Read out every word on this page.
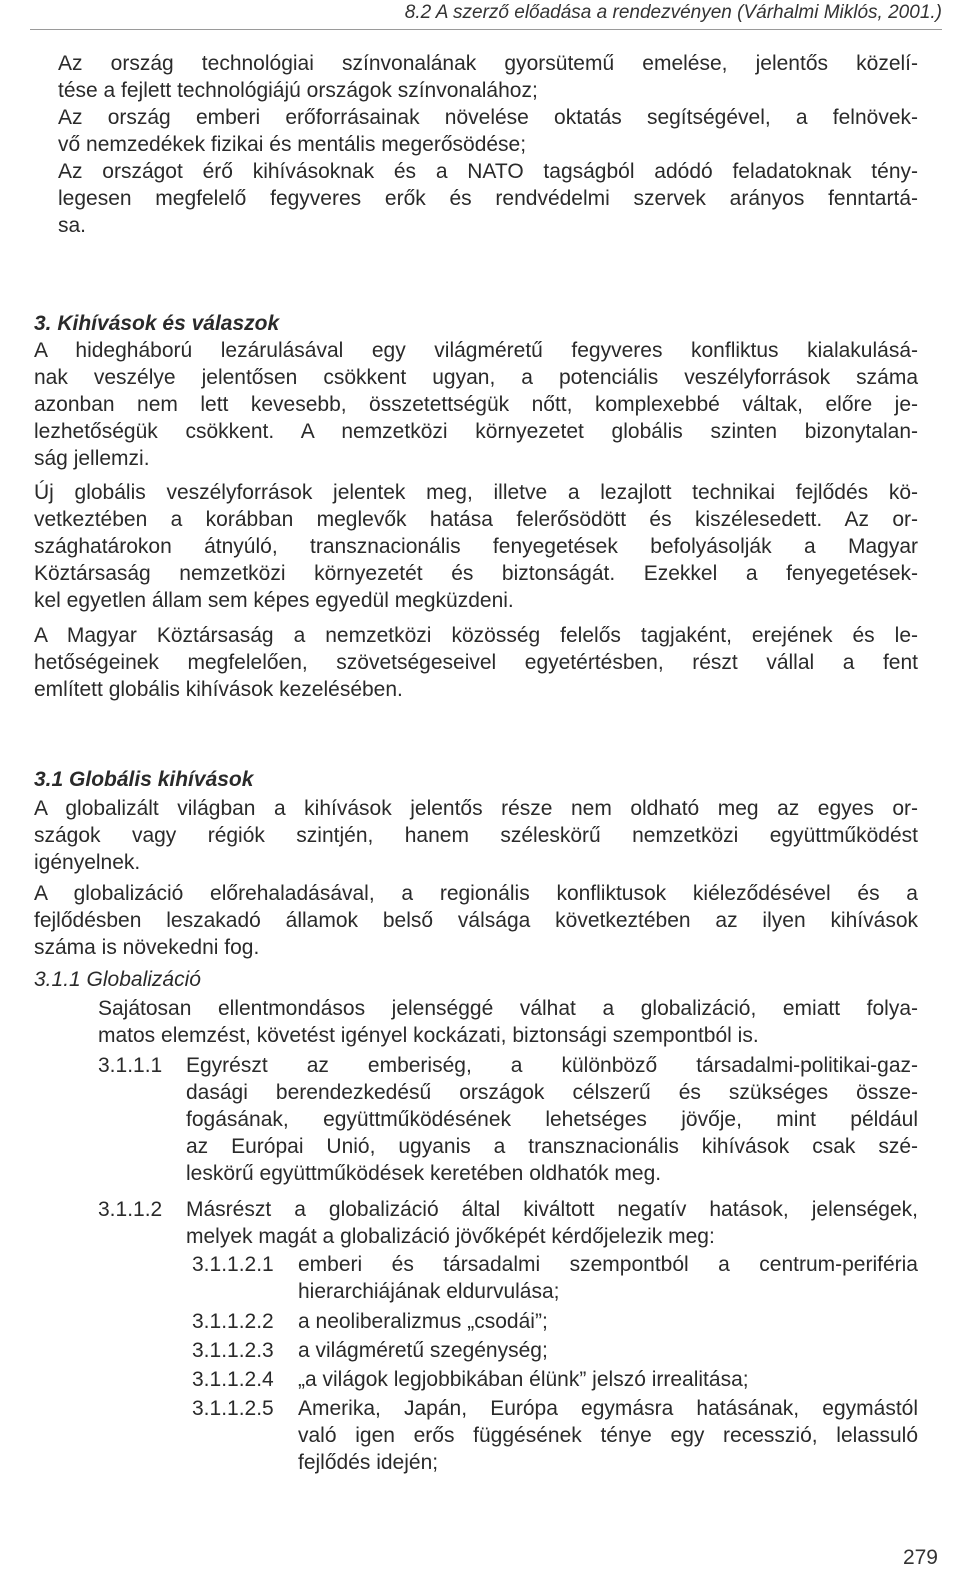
8.2 A szerző előadása a rendezvényen (Várhalmi Miklós, 2001.)
Az ország technológiai színvonalának gyorsütemű emelése, jelentős közelí-
tése a fejlett technológiájú országok színvonalához;
Az ország emberi erőforrásainak növelése oktatás segítségével, a felnövek-
vő nemzedékek fizikai és mentális megerősödése;
Az országot érő kihívásoknak és a NATO tagságból adódó feladatoknak tény-
legesen megfelelő fegyveres erők és rendvédelmi szervek arányos fenntartá-
sa.
3. Kihívások és válaszok
A hidegháború lezárulásával egy világméretű fegyveres konfliktus kialakulásá-
nak veszélye jelentősen csökkent ugyan, a potenciális veszélyforrások száma
azonban nem lett kevesebb, összetettségük nőtt, komplexebbé váltak, előre je-
lezhetőségük csökkent. A nemzetközi környezetet globális szinten bizonytalan-
ság jellemzi.
Új globális veszélyforrások jelentek meg, illetve a lezajlott technikai fejlődés kö-
vetkeztében a korábban meglevők hatása felerősödött és kiszélesedett. Az or-
szághatárokon átnyúló, transznacionális fenyegetések befolyásolják a Magyar
Köztársaság nemzetközi környezetét és biztonságát. Ezekkel a fenyegetések-
kel egyetlen állam sem képes egyedül megküzdeni.
A Magyar Köztársaság a nemzetközi közösség felelős tagjaként, erejének és le-
hetőségeinek megfelelően, szövetségeseivel egyetértésben, részt vállal a fent
említett globális kihívások kezelésében.
3.1 Globális kihívások
A globalizált világban a kihívások jelentős része nem oldható meg az egyes or-
szágok vagy régiók szintjén, hanem széleskörű nemzetközi együttműködést
igényelnek.
A globalizáció előrehaladásával, a regionális konfliktusok kiéleződésével és a
fejlődésben leszakadó államok belső válsága következtében az ilyen kihívások
száma is növekedni fog.
3.1.1 Globalizáció
Sajátosan ellentmondásos jelenséggé válhat a globalizáció, emiatt folya-
matos elemzést, követést igényel kockázati, biztonsági szempontból is.
3.1.1.1 Egyrészt az emberiség, a különböző társadalmi-politikai-gaz-
dasági berendezkedésű országok célszerű és szükséges össze-
fogásának, együttműködésének lehetséges jövője, mint például
az Európai Unió, ugyanis a transznacionális kihívások csak szé-
leskörű együttműködések keretében oldhatók meg.
3.1.1.2 Másrészt a globalizáció által kiváltott negatív hatások, jelenségek,
melyek magát a globalizáció jövőképét kérdőjelezik meg:
3.1.1.2.1 emberi és társadalmi szempontból a centrum-periféria
hierarchiájának eldurvulása;
3.1.1.2.2 a neoliberalizmus „csodái”;
3.1.1.2.3 a világméretű szegénység;
3.1.1.2.4 „a világok legjobbikában élünk” jelszó irrealitása;
3.1.1.2.5 Amerika, Japán, Európa egymásra hatásának, egymástól
való igen erős függésének ténye egy recesszió, lelassuló
fejlődés idején;
279
